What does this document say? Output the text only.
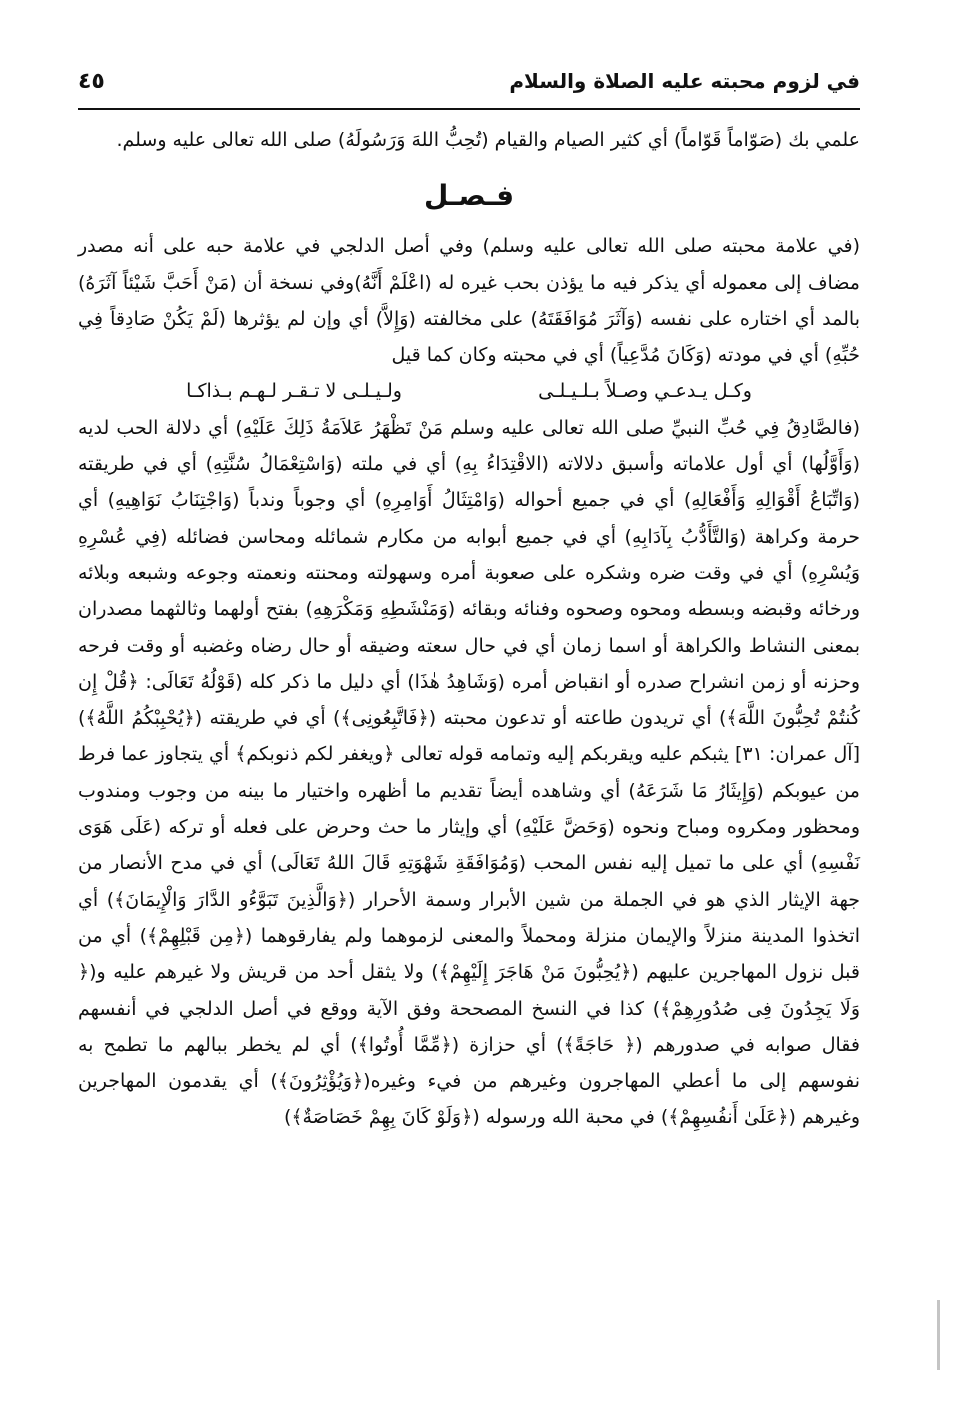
في لزوم محبته عليه الصلاة والسلام
٤٥

علمي بك (صَوّاماً قَوّاماً) أي كثير الصيام والقيام (تُحِبُّ اللهَ وَرَسُولَهُ) صلى الله تعالى عليه وسلم.

فـصـل

(في علامة محبته صلى الله تعالى عليه وسلم) وفي أصل الدلجي في علامة حبه على أنه مصدر مضاف إلى معموله أي يذكر فيه ما يؤذن بحب غيره له (اعْلَمْ أَنَّهُ)وفي نسخة أن (مَنْ أَحَبَّ شَيْئاً آثَرَهُ) بالمد أي اختاره على نفسه (وَآثَرَ مُوَافَقَتَهُ) على مخالفته (وَإِلاَّ) أي وإن لم يؤثرها (لَمْ يَكُنْ صَادِقاً فِي حُبِّهِ) أي في مودته (وَكَانَ مُدَّعِياً) أي في محبته وكان كما قيل

وكـل يـدعـي وصـلاً بـلـيـلـى
ولـيـلـى لا تـقـر لـهـم بـذاكـا

(فالصَّادِقُ فِي حُبِّ النبيِّ صلى الله تعالى عليه وسلم مَنْ تَظْهَرُ عَلاَمَةُ ذَلِكَ عَلَيْهِ) أي دلالة الحب لديه (وَأَوَّلُها) أي أول علاماته وأسبق دلالاته (الاقْتِدَاءُ بِهِ) أي في ملته (وَاسْتِعْمَالُ سُنَّتِهِ) أي في طريقته (وَاتِّبَاعُ أَقْوَالِهِ وَأَفْعَالِهِ) أي في جميع أحواله (وَامْتِثَالُ أَوَامِرِهِ) أي وجوباً وندباً (وَاجْتِنَابُ نَوَاهِيهِ) أي حرمة وكراهة (وَالتَّأَدُّبُ بِآدَابِهِ) أي في جميع أبوابه من مكارم شمائله ومحاسن فضائله (فِي عُسْرِهِ وَيُسْرِهِ) أي في وقت ضره وشكره على صعوبة أمره وسهولته ومحنته ونعمته وجوعه وشبعه وبلائه ورخائه وقبضه وبسطه ومحوه وصحوه وفنائه وبقائه (وَمَنْشَطِهِ وَمَكْرَهِهِ) بفتح أولهما وثالثهما مصدران بمعنى النشاط والكراهة أو اسما زمان أي في حال سعته وضيقه أو حال رضاه وغضبه أو وقت فرحه وحزنه أو زمن انشراح صدره أو انقباض أمره (وَشَاهِدُ هٰذَا) أي دليل ما ذكر كله (قَوْلُهُ تَعَالَى: ﴿قُلْ إِن كُنتُمْ تُحِبُّونَ اللَّهَ﴾) أي تريدون طاعته أو تدعون محبته (﴿فَاتَّبِعُونِى﴾) أي في طريقته (﴿يُحْبِبْكُمُ اللَّهُ﴾) [آل عمران: ٣١] يثبكم عليه ويقربكم إليه وتمامه قوله تعالى ﴿ويغفر لكم ذنوبكم﴾ أي يتجاوز عما فرط من عيوبكم (وَإِيثَارُ مَا شَرَعَهُ) أي وشاهده أيضاً تقديم ما أظهره واختيار ما بينه من وجوب ومندوب ومحظور ومكروه ومباح ونحوه (وَحَضَّ عَلَيْهِ) أي وإيثار ما حث وحرض على فعله أو تركه (عَلَى هَوَى نَفْسِهِ) أي على ما تميل إليه نفس المحب (وَمُوَافَقَةِ شَهْوَتِهِ قَالَ اللهُ تَعَالَى) أي في مدح الأنصار من جهة الإيثار الذي هو في الجملة من شين الأبرار وسمة الأحرار (﴿وَالَّذِينَ تَبَوَّءُو الدَّارَ وَالْإِيمَانَ﴾) أي اتخذوا المدينة منزلاً والإيمان منزلة ومحملاً والمعنى لزموهما ولم يفارقوهما (﴿مِن قَبْلِهِمْ﴾) أي من قبل نزول المهاجرين عليهم (﴿يُحِبُّونَ مَنْ هَاجَرَ إِلَيْهِمْ﴾) ولا يثقل أحد من قريش ولا غيرهم عليه و(﴿ وَلَا يَجِدُونَ فِى صُدُورِهِمْ﴾) كذا في النسخ المصححة وفق الآية ووقع في أصل الدلجي في أنفسهم فقال صوابه في صدورهم (﴿ حَاجَةً﴾) أي حزازة (﴿مِّمَّا أُوتُوا﴾) أي لم يخطر ببالهم ما تطمح به نفوسهم إلى ما أعطي المهاجرون وغيرهم من فيء وغيره(﴿وَيُؤْثِرُونَ﴾) أي يقدمون المهاجرين وغيرهم (﴿عَلَىٰ أَنفُسِهِمْ﴾) في محبة الله ورسوله (﴿وَلَوْ كَانَ بِهِمْ خَصَاصَةٌ﴾)
